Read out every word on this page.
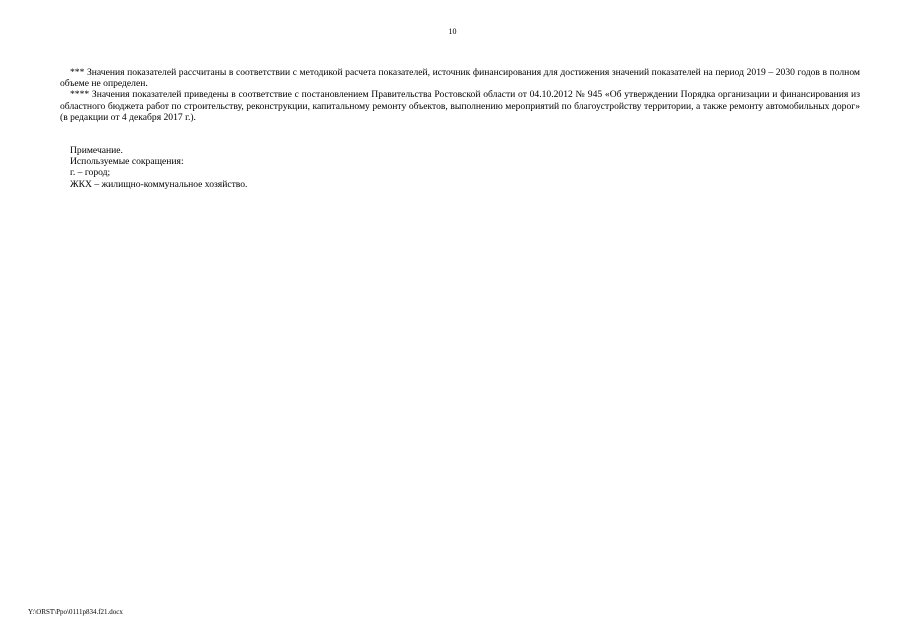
10

*** Значения показателей рассчитаны в соответствии с методикой расчета показателей, источник финансирования для достижения значений показателей на период 2019 – 2030 годов в полном объеме не определен.

**** Значения показателей приведены в соответствие с постановлением Правительства Ростовской области от 04.10.2012 № 945 «Об утверждении Порядка организации и финансирования из областного бюджета работ по строительству, реконструкции, капитальному ремонту объектов, выполнению мероприятий по благоустройству территории, а также ремонту автомобильных дорог» (в редакции от 4 декабря 2017 г.).

Примечание.

Используемые сокращения:

г. – город;

ЖКХ – жилищно-коммунальное хозяйство.

Y:\ORST\Ppo\0111p834.f21.docx
